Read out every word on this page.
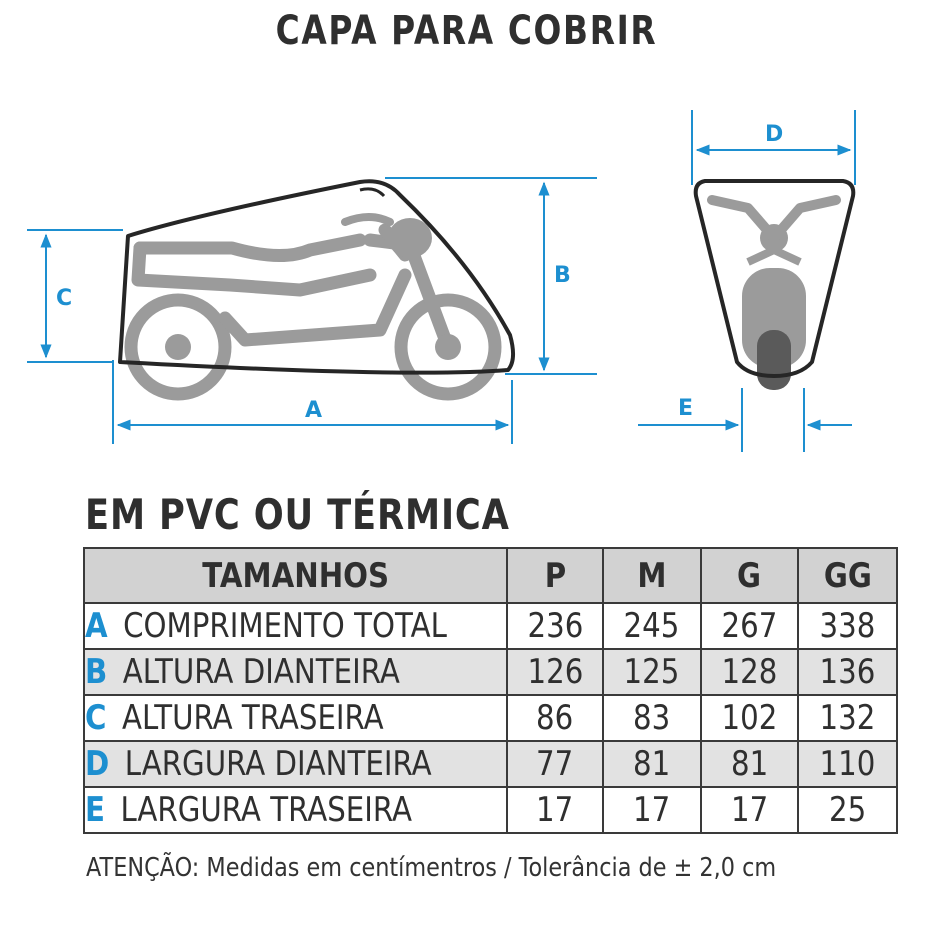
CAPA PARA COBRIR
A
B
C
D
E
EM PVC OU TÉRMICA
TAMANHOS	P	M	G	GG
A COMPRIMENTO TOTAL	236	245	267	338
B ALTURA DIANTEIRA	126	125	128	136
C ALTURA TRASEIRA	86	83	102	132
D LARGURA DIANTEIRA	77	81	81	110
E LARGURA TRASEIRA	17	17	17	25
ATENÇÃO: Medidas em centímentros / Tolerância de ± 2,0 cm
